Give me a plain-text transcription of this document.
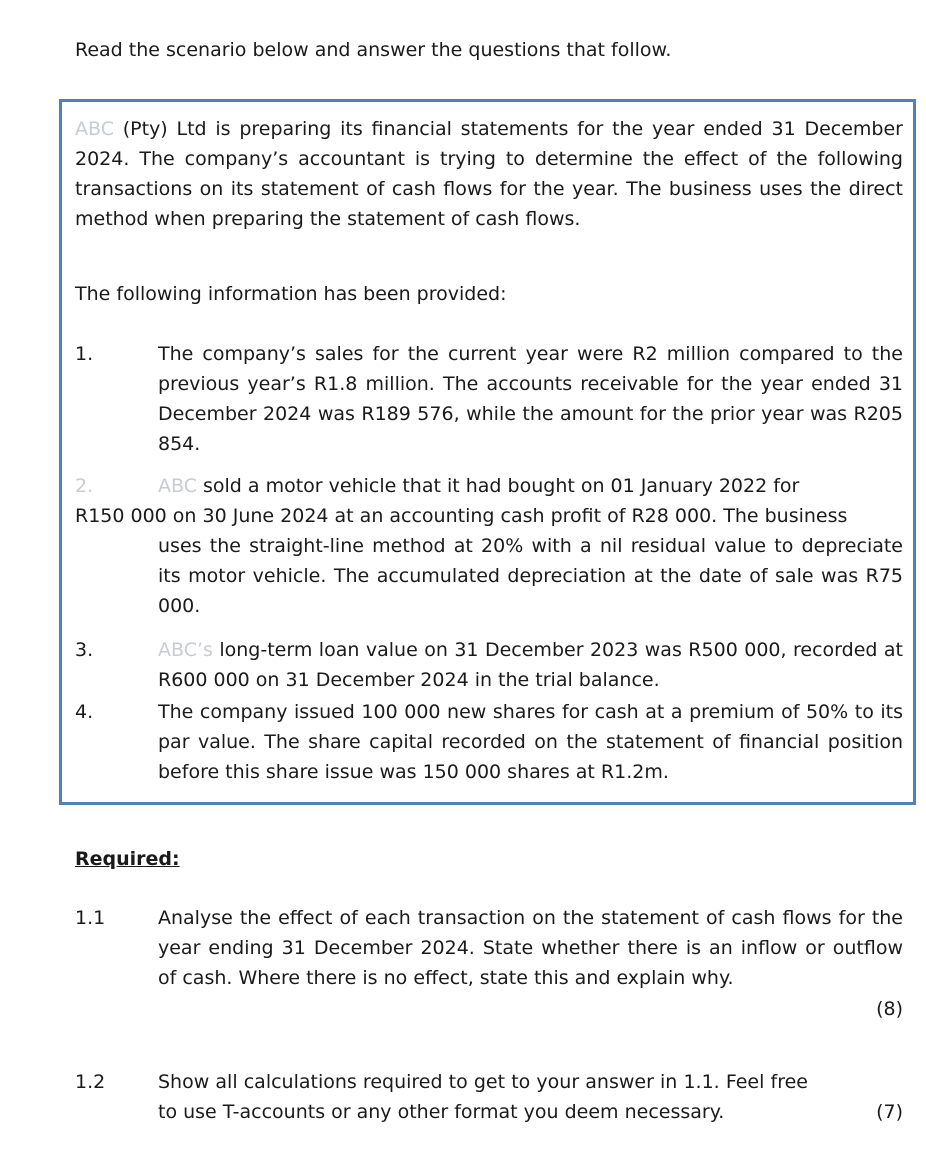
Read the scenario below and answer the questions that follow.

ABC (Pty) Ltd is preparing its financial statements for the year ended 31 December 2024. The company’s accountant is trying to determine the effect of the following transactions on its statement of cash flows for the year. The business uses the direct method when preparing the statement of cash flows.

The following information has been provided:

1.	The company’s sales for the current year were R2 million compared to the previous year’s R1.8 million. The accounts receivable for the year ended 31 December 2024 was R189 576, while the amount for the prior year was R205 854.

2.	ABC sold a motor vehicle that it had bought on 01 January 2022 for

R150 000 on 30 June 2024 at an accounting cash profit of R28 000. The business

uses the straight-line method at 20% with a nil residual value to depreciate its motor vehicle. The accumulated depreciation at the date of sale was R75 000.

3.	ABC’s long-term loan value on 31 December 2023 was R500 000, recorded at R600 000 on 31 December 2024 in the trial balance.

4.	The company issued 100 000 new shares for cash at a premium of 50% to its par value. The share capital recorded on the statement of financial position before this share issue was 150 000 shares at R1.2m.

Required:
1.1	Analyse the effect of each transaction on the statement of cash flows for the year ending 31 December 2024. State whether there is an inflow or outflow of cash. Where there is no effect, state this and explain why.

(8)
1.2	Show all calculations required to get to your answer in 1.1. Feel free to use T-accounts or any other format you deem necessary.	(7)
